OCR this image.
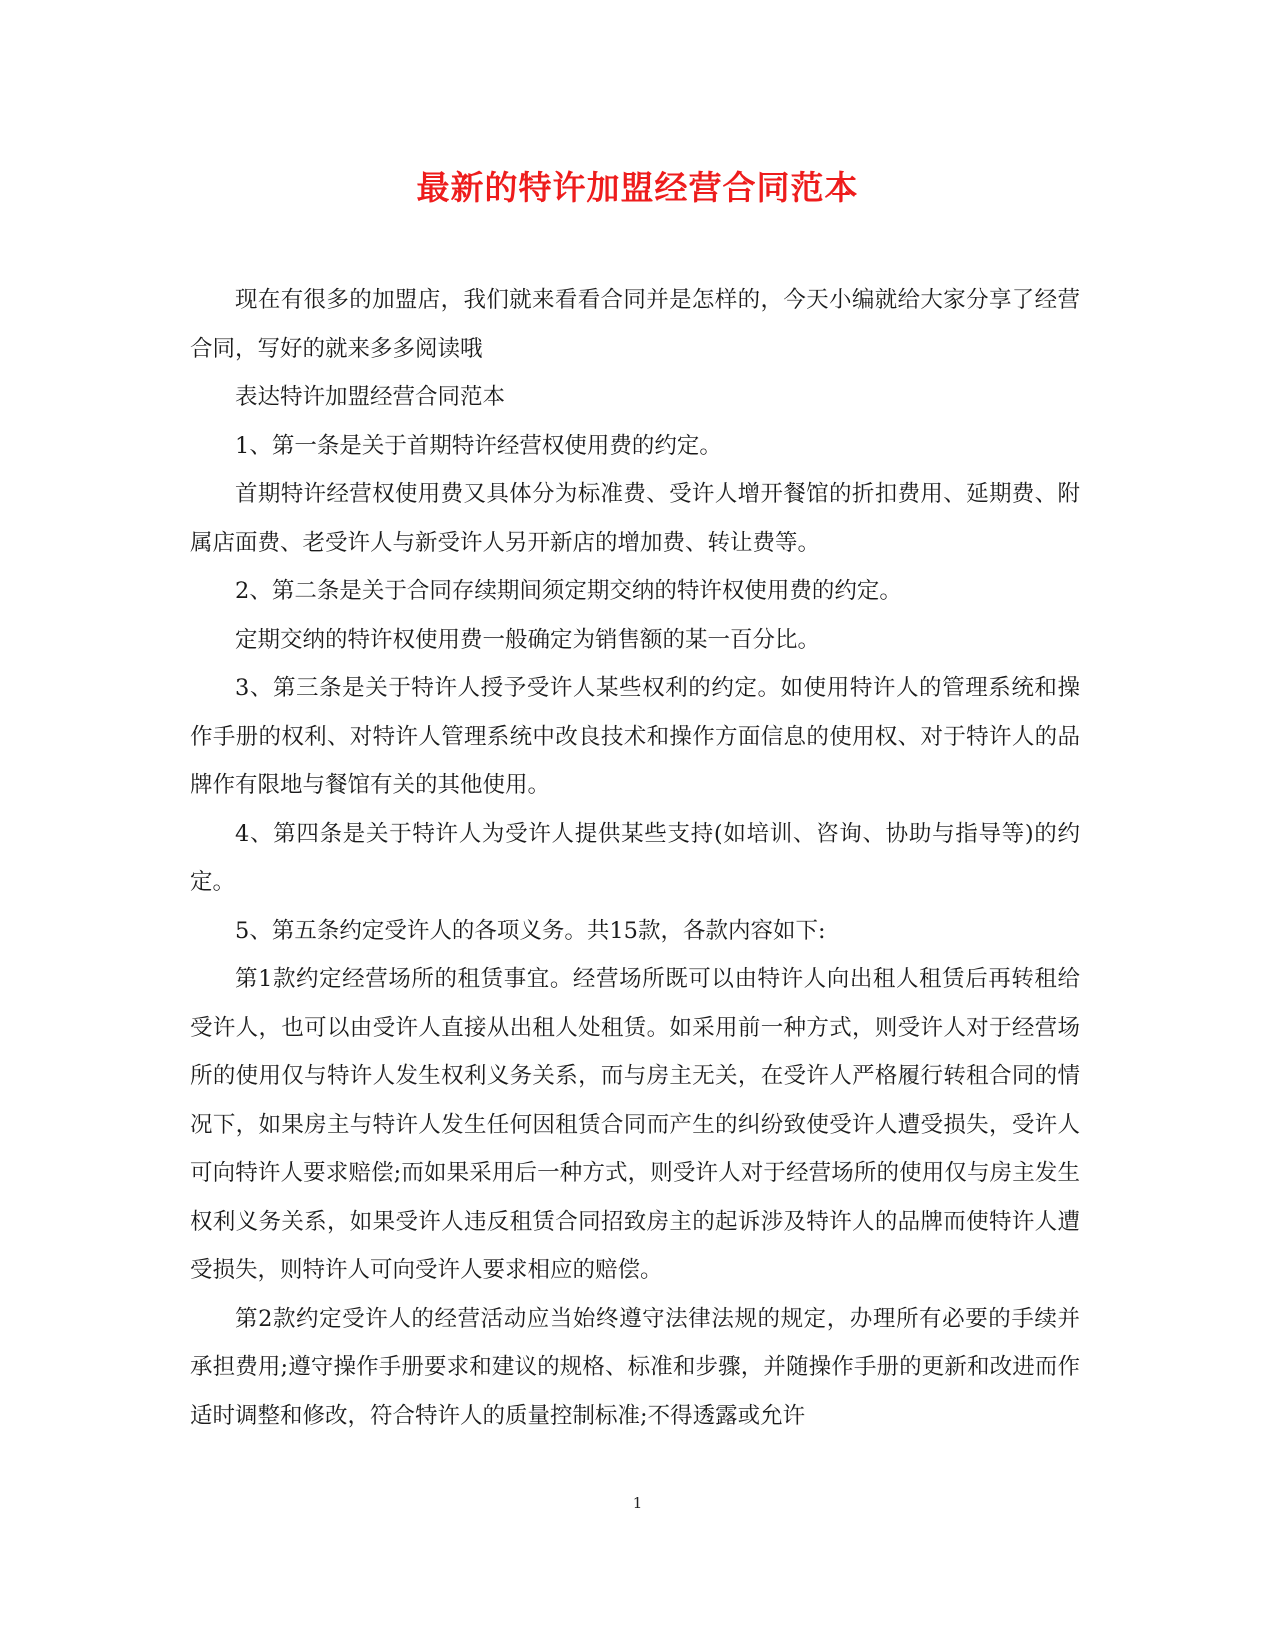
最新的特许加盟经营合同范本

现在有很多的加盟店，我们就来看看合同并是怎样的，今天小编就给大家分享了经营合同，写好的就来多多阅读哦

表达特许加盟经营合同范本

1、第一条是关于首期特许经营权使用费的约定。

首期特许经营权使用费又具体分为标准费、受许人增开餐馆的折扣费用、延期费、附属店面费、老受许人与新受许人另开新店的增加费、转让费等。

2、第二条是关于合同存续期间须定期交纳的特许权使用费的约定。

定期交纳的特许权使用费一般确定为销售额的某一百分比。

3、第三条是关于特许人授予受许人某些权利的约定。如使用特许人的管理系统和操作手册的权利、对特许人管理系统中改良技术和操作方面信息的使用权、对于特许人的品牌作有限地与餐馆有关的其他使用。

4、第四条是关于特许人为受许人提供某些支持(如培训、咨询、协助与指导等)的约定。

5、第五条约定受许人的各项义务。共15款，各款内容如下:

第1款约定经营场所的租赁事宜。经营场所既可以由特许人向出租人租赁后再转租给受许人，也可以由受许人直接从出租人处租赁。如采用前一种方式，则受许人对于经营场所的使用仅与特许人发生权利义务关系，而与房主无关，在受许人严格履行转租合同的情况下，如果房主与特许人发生任何因租赁合同而产生的纠纷致使受许人遭受损失，受许人可向特许人要求赔偿;而如果采用后一种方式，则受许人对于经营场所的使用仅与房主发生权利义务关系，如果受许人违反租赁合同招致房主的起诉涉及特许人的品牌而使特许人遭受损失，则特许人可向受许人要求相应的赔偿。

第2款约定受许人的经营活动应当始终遵守法律法规的规定，办理所有必要的手续并承担费用;遵守操作手册要求和建议的规格、标准和步骤，并随操作手册的更新和改进而作适时调整和修改，符合特许人的质量控制标准;不得透露或允许

1
